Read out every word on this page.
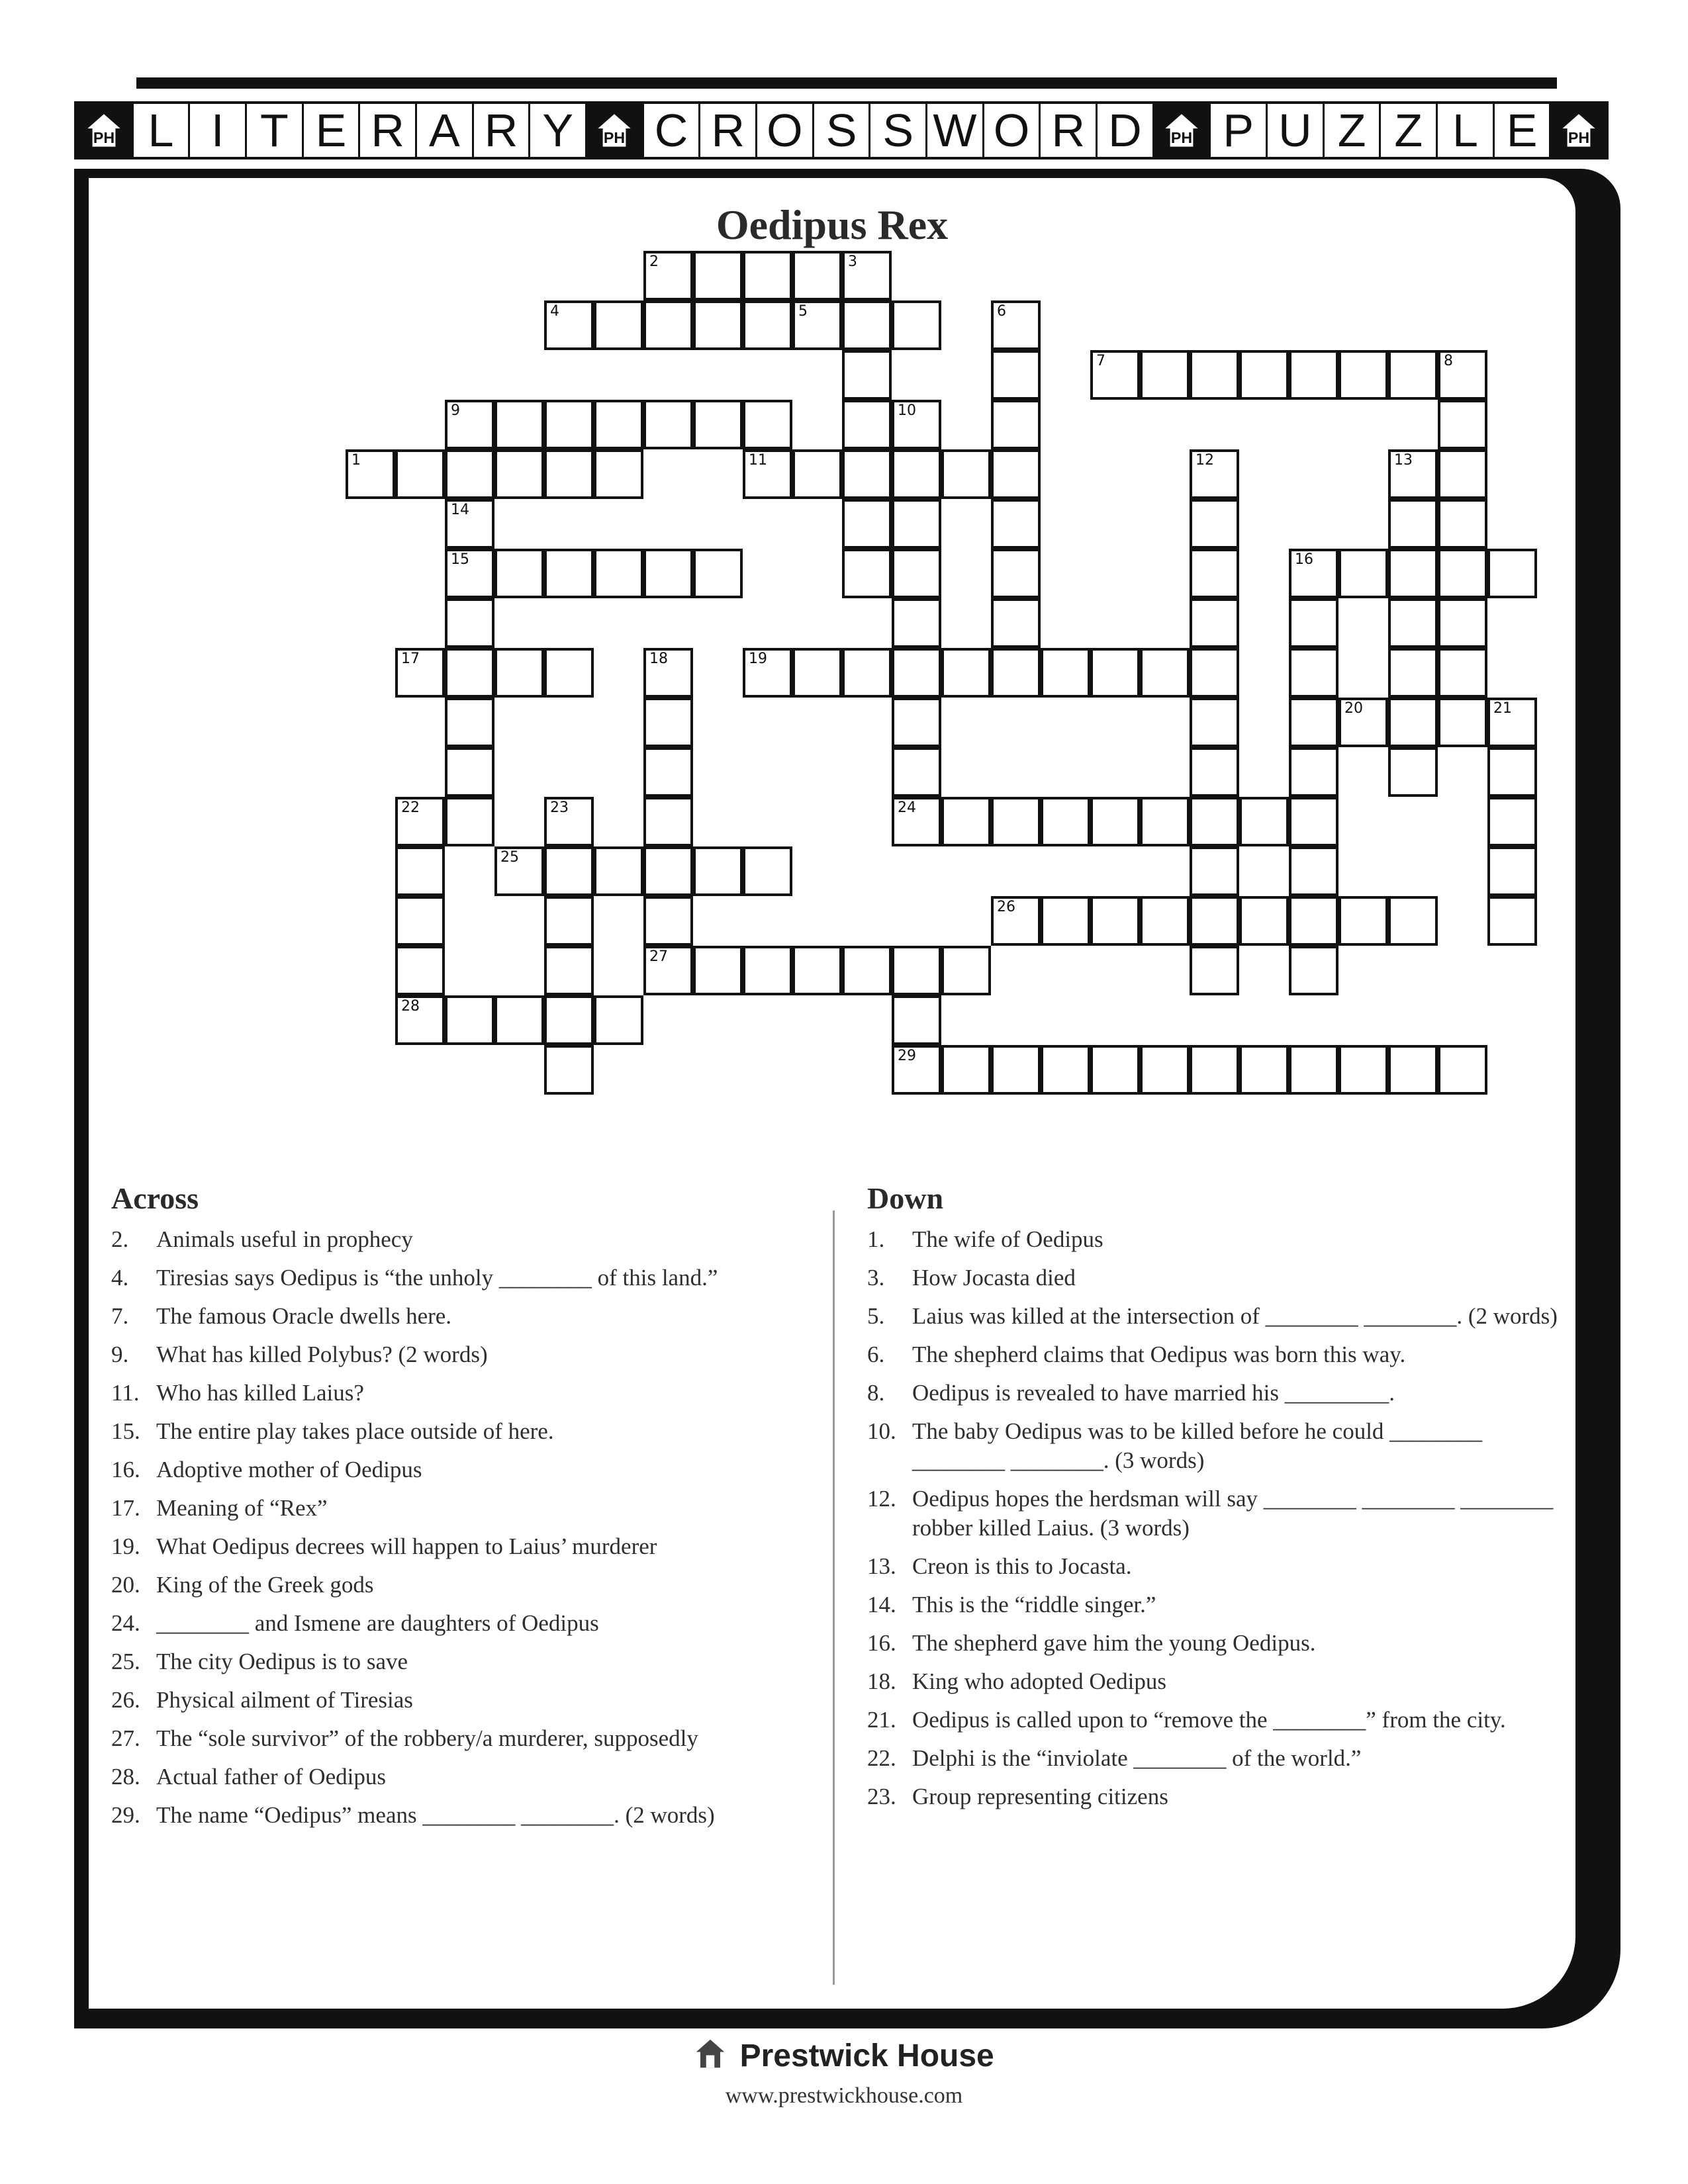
PH L I T E R A R Y	PH C R O S S W O R D	PH P U Z Z L E	PH
Oedipus Rex
1
2	3
4	5	6
7	8
9	10
11	12	13
14
15	16
17	18
27
19
20	21
22
28
23	24
25
26
29
Across
2.	Animals useful in prophecy
4.	Tiresias says Oedipus is “the unholy ________ of this land.”
7.	The famous Oracle dwells here.
9.	What has killed Polybus? (2 words)
11. Who has killed Laius?
15. The entire play takes place outside of here.
16. Adoptive mother of Oedipus
17. Meaning of “Rex”
19. What Oedipus decrees will happen to Laius’ murderer
20. King of the Greek gods
24. ________ and Ismene are daughters of Oedipus
25. The city Oedipus is to save
26. Physical ailment of Tiresias
27. The “sole survivor” of the robbery/a murderer, supposedly
28. Actual father of Oedipus
29. The name “Oedipus” means ________ ________. (2 words)
Down
1.	The wife of Oedipus
3.	How Jocasta died
5.	Laius was killed at the intersection of ________ ________. (2 words)
6.	The shepherd claims that Oedipus was born this way.
8.	Oedipus is revealed to have married his _________.
10. The baby Oedipus was to be killed before he could ________ ________ ________. (3 words)
12. Oedipus hopes the herdsman will say ________ ________ ________ robber killed Laius. (3 words)
13. Creon is this to Jocasta.
14. This is the “riddle singer.”
16. The shepherd gave him the young Oedipus.
18. King who adopted Oedipus
21. Oedipus is called upon to “remove the ________” from the city.
22. Delphi is the “inviolate ________ of the world.”
23. Group representing citizens
Prestwick House
www.prestwickhouse.com
